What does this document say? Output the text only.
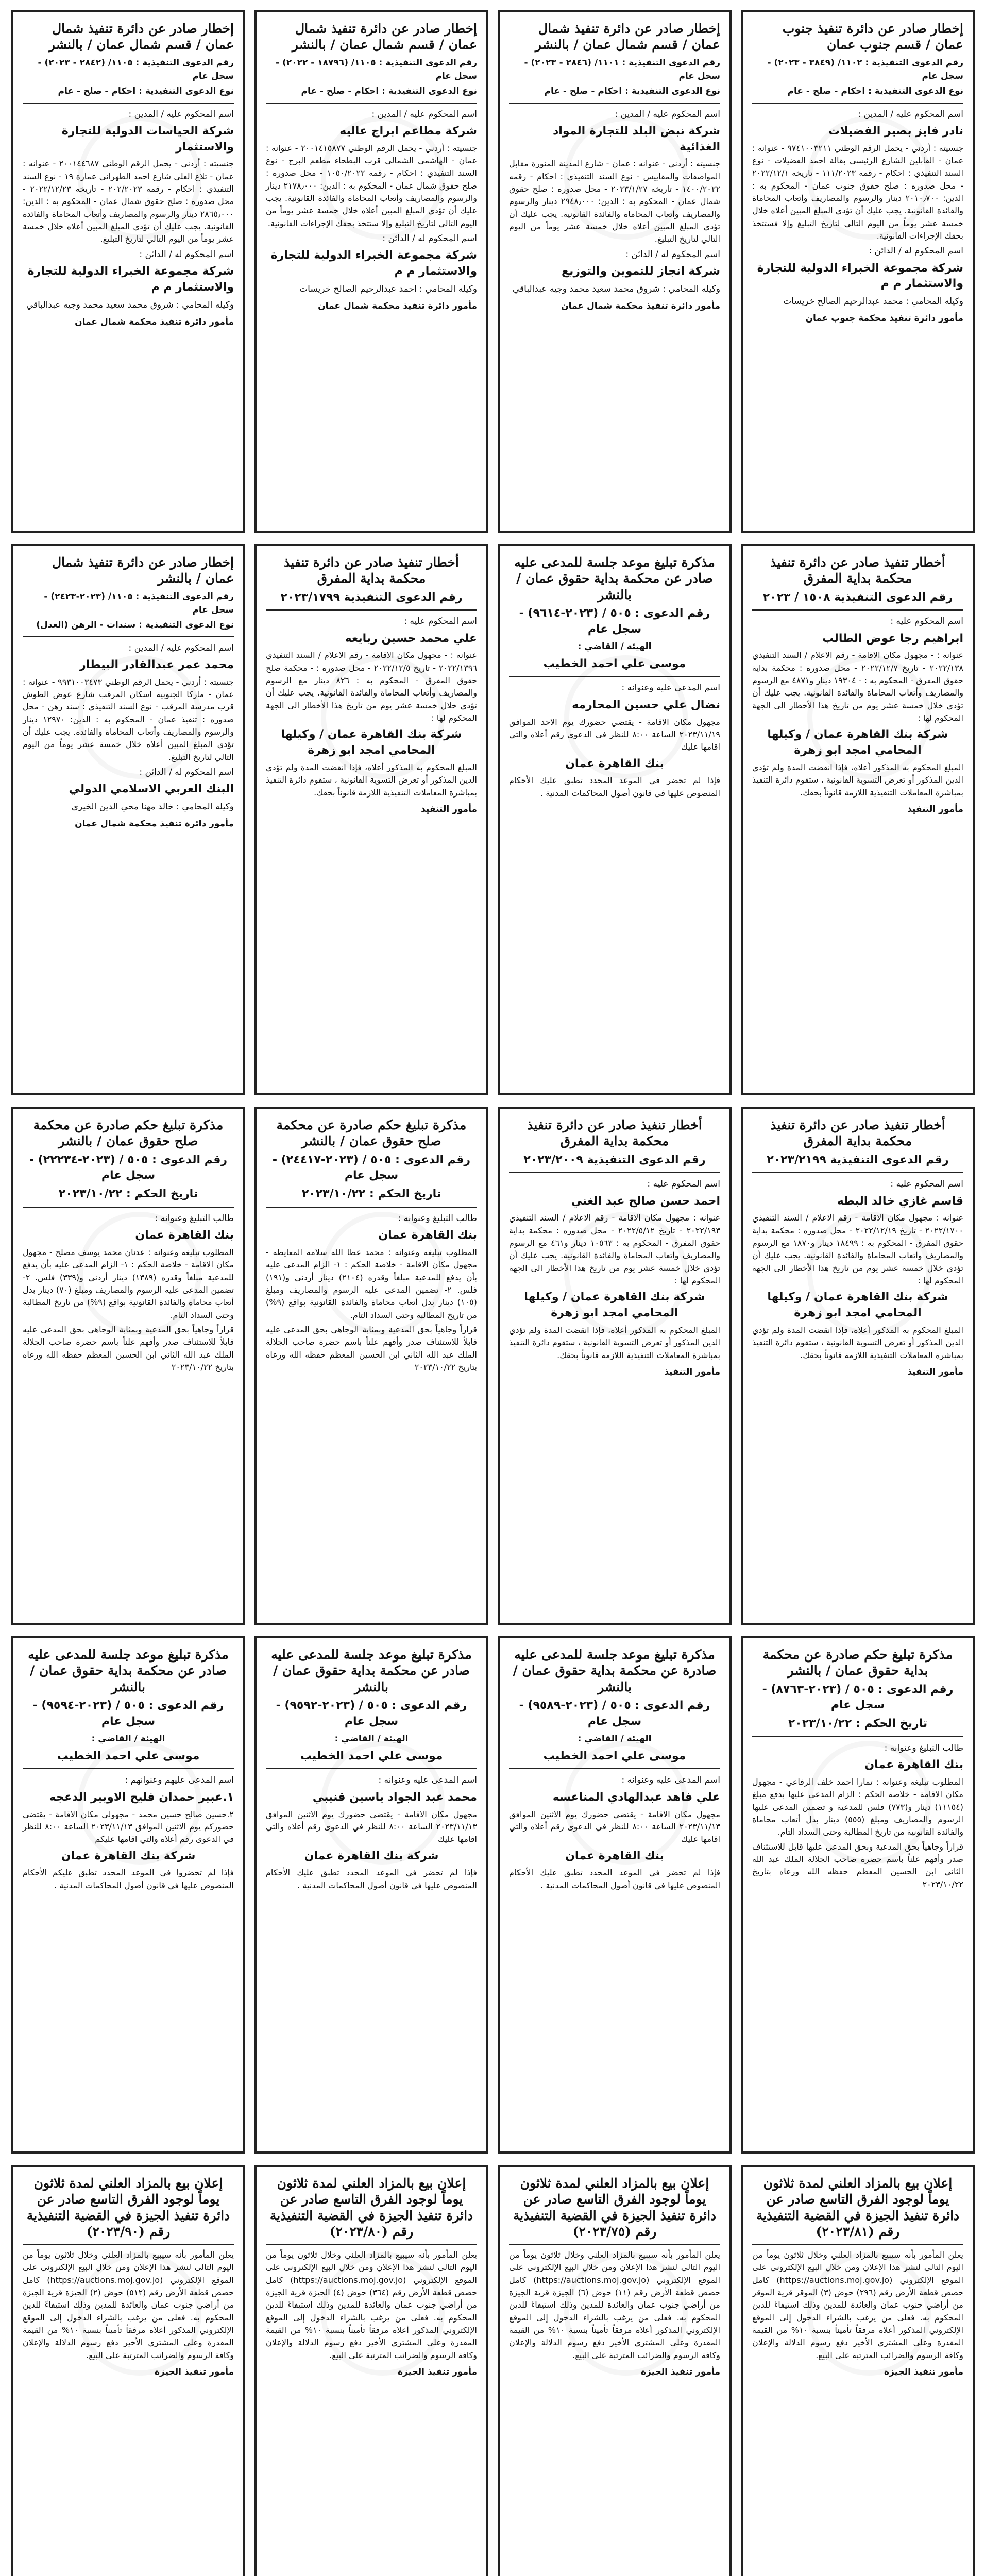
إخطار صادر عن دائرة تنفيذ جنوب عمان / قسم جنوب عمان
رقم الدعوى التنفيذية : ١١٠٢/ (٣٨٤٩ - ٢٠٢٣) - سجل عام
نوع الدعوى التنفيذية : احكام - صلح - عام
اسم المحكوم عليه / المدين :
نادر فايز بصير الفضيلات
جنسيته : أردني - يحمل الرقم الوطني ٩٧٤١٠٠٣٢١١ - عنوانه : عمان - القابلين الشارع الرئيسي بقالة احمد الفضيلات - نوع السند التنفيذي : احكام - رقمه ١١١/٢٠٢٣ - تاريخه ٢٠٢٢/١٢/١ - محل صدوره : صلح حقوق جنوب عمان - المحكوم به : الدين: ٢٠١٠٫٧٠٠ دينار والرسوم والمصاريف وأتعاب المحاماة والفائدة القانونية. يجب عليك أن تؤدي المبلغ المبين أعلاه خلال خمسة عشر يوماً من اليوم التالي لتاريخ التبليغ وإلا فستتخذ بحقك الإجراءات القانونية.
اسم المحكوم له / الدائن :
شركة مجموعة الخبراء الدولية للتجارة والاستثمار م م
وكيله المحامي : محمد عبدالرحيم الصالح خريسات
مأمور دائرة تنفيذ محكمة جنوب عمان
إخطار صادر عن دائرة تنفيذ شمال عمان / قسم شمال عمان / بالنشر
رقم الدعوى التنفيذية : ١١٠١/ (٢٨٤٦ - ٢٠٢٣) - سجل عام
نوع الدعوى التنفيذية : احكام - صلح - عام
اسم المحكوم عليه / المدين :
شركة نبض البلد للتجارة المواد الغذائية
جنسيته : أردني - عنوانه : عمان - شارع المدينة المنورة مقابل المواصفات والمقاييس - نوع السند التنفيذي : احكام - رقمه ١٤٠٠/٢٠٢٢ - تاريخه ٢٠٢٣/١/٢٧ - محل صدوره : صلح حقوق شمال عمان - المحكوم به : الدين: ٢٩٤٨٫٠٠٠ دينار والرسوم والمصاريف وأتعاب المحاماة والفائدة القانونية. يجب عليك أن تؤدي المبلغ المبين أعلاه خلال خمسة عشر يوماً من اليوم التالي لتاريخ التبليغ.
اسم المحكوم له / الدائن :
شركة انجاز للتموين والتوزيع
وكيله المحامي : شروق محمد سعيد محمد وجيه عبدالباقي
مأمور دائرة تنفيذ محكمة شمال عمان
إخطار صادر عن دائرة تنفيذ شمال عمان / قسم شمال عمان / بالنشر
رقم الدعوى التنفيذية : ١١٠٥/ (١٨٧٩٦ - ٢٠٢٢) - سجل عام
نوع الدعوى التنفيذية : احكام - صلح - عام
اسم المحكوم عليه / المدين :
شركة مطاعم ابراج عاليه
جنسيته : أردني - يحمل الرقم الوطني ٢٠٠١٤١٥٨٧٧ - عنوانه : عمان - الهاشمي الشمالي قرب البطحاء مطعم البرج - نوع السند التنفيذي : احكام - رقمه ١٠٥٠/٢٠٢٢ - محل صدوره : صلح حقوق شمال عمان - المحكوم به : الدين: ٢١٧٨٫٠٠٠ دينار والرسوم والمصاريف وأتعاب المحاماة والفائدة القانونية. يجب عليك أن تؤدي المبلغ المبين أعلاه خلال خمسة عشر يوماً من اليوم التالي لتاريخ التبليغ وإلا ستتخذ بحقك الإجراءات القانونية.
اسم المحكوم له / الدائن :
شركة مجموعة الخبراء الدولية للتجارة والاستثمار م م
وكيله المحامي : احمد عبدالرحيم الصالح خريسات
مأمور دائرة تنفيذ محكمة شمال عمان
إخطار صادر عن دائرة تنفيذ شمال عمان / قسم شمال عمان / بالنشر
رقم الدعوى التنفيذية : ١١٠٥/ (٢٨٤٢ - ٢٠٢٣) - سجل عام
نوع الدعوى التنفيذية : احكام - صلح - عام
اسم المحكوم عليه / المدين :
شركة الحياسات الدولية للتجارة والاستثمار
جنسيته : أردني - يحمل الرقم الوطني ٢٠٠١٤٤٦٨٧ - عنوانه : عمان - تلاع العلي شارع احمد الطهراني عمارة ١٩ - نوع السند التنفيذي : احكام - رقمه ٢٠٢/٢٠٢٣ - تاريخه ٢٠٢٢/١٢/٢٣ - محل صدوره : صلح حقوق شمال عمان - المحكوم به : الدين: ٢٨٦٥٫٠٠٠ دينار والرسوم والمصاريف وأتعاب المحاماة والفائدة القانونية. يجب عليك أن تؤدي المبلغ المبين أعلاه خلال خمسة عشر يوماً من اليوم التالي لتاريخ التبليغ.
اسم المحكوم له / الدائن :
شركة مجموعة الخبراء الدولية للتجارة والاستثمار م م
وكيله المحامي : شروق محمد سعيد محمد وجيه عبدالباقي
مأمور دائرة تنفيذ محكمة شمال عمان
أخطار تنفيذ صادر عن دائرة تنفيذ محكمة بداية المفرق
رقم الدعوى التنفيذية ١٥٠٨ / ٢٠٢٣
اسم المحكوم عليه :
ابراهيم رجا عوض الطالب
عنوانه : - مجهول مكان الاقامة - رقم الاعلام / السند التنفيذي ٢٠٢٢/١٣٨ - تاريخ ٢٠٢٢/١٢/٧ - محل صدوره : محكمة بداية حقوق المفرق - المحكوم به : - ١٩٣٠٤ دينار و٤٨٧١ مع الرسوم والمصاريف وأتعاب المحاماة والفائدة القانونية. يجب عليك أن تؤدي خلال خمسة عشر يوم من تاريخ هذا الأخطار الى الجهة المحكوم لها :
شركة بنك القاهرة عمان / وكيلها المحامي امجد ابو زهرة
المبلغ المحكوم به المذكور أعلاه، فإذا انقضت المدة ولم تؤدي الدين المذكور أو تعرض التسوية القانونية ، ستقوم دائرة التنفيذ بمباشرة المعاملات التنفيذية اللازمة قانوناً بحقك.
مأمور التنفيذ
مذكرة تبليغ موعد جلسة للمدعى عليه صادر عن محكمة بداية حقوق عمان / بالنشر
رقم الدعوى : ٥٠٥ / (٢٠٢٣-٩٦١٤) - سجل عام
الهيئة / القاضي :
موسى علي احمد الخطيب
اسم المدعى عليه وعنوانه :
نضال علي حسين المحارمه
مجهول مكان الاقامة - يقتضي حضورك يوم الاحد الموافق ٢٠٢٣/١١/١٩ الساعة ٨:٠٠ للنظر في الدعوى رقم أعلاه والتي اقامها عليك
بنك القاهرة عمان
فإذا لم تحضر في الموعد المحدد تطبق عليك الأحكام المنصوص عليها في قانون أصول المحاكمات المدنية .
أخطار تنفيذ صادر عن دائرة تنفيذ محكمة بداية المفرق
رقم الدعوى التنفيذية ٢٠٢٣/١٧٩٩
اسم المحكوم عليه :
علي محمد حسين ربايعه
عنوانه : - مجهول مكان الاقامة - رقم الاعلام / السند التنفيذي ٢٠٢٢/١٣٩٦ - تاريخ ٢٠٢٢/١٢/٥ - محل صدوره : - محكمة صلح حقوق المفرق - المحكوم به : ٨٢٦ دينار مع الرسوم والمصاريف وأتعاب المحاماة والفائدة القانونية. يجب عليك أن تؤدي خلال خمسة عشر يوم من تاريخ هذا الأخطار الى الجهة المحكوم لها :
شركة بنك القاهرة عمان / وكيلها المحامي امجد ابو زهرة
المبلغ المحكوم به المذكور أعلاه، فإذا انقضت المدة ولم تؤدي الدين المذكور أو تعرض التسوية القانونية ، ستقوم دائرة التنفيذ بمباشرة المعاملات التنفيذية اللازمة قانوناً بحقك.
مأمور التنفيذ
إخطار صادر عن دائرة تنفيذ شمال عمان / بالنشر
رقم الدعوى التنفيذية : ١١٠٥/ (٢٠٢٣-٢٤٢٣) - سجل عام
نوع الدعوى التنفيذية : سندات - الرهن (العدل)
اسم المحكوم عليه / المدين :
محمد عمر عبدالقادر البيطار
جنسيته : أردني - يحمل الرقم الوطني ٩٩٣١٠٠٣٤٧٣ - عنوانه : عمان - ماركا الجنوبية اسكان المرقب شارع عوض الطوش قرب مدرسة المرقب - نوع السند التنفيذي : سند رهن - محل صدوره : تنفيذ عمان - المحكوم به : الدين: ١٢٩٧٠ دينار والرسوم والمصاريف وأتعاب المحاماة والفائدة. يجب عليك أن تؤدي المبلغ المبين أعلاه خلال خمسة عشر يوماً من اليوم التالي لتاريخ التبليغ.
اسم المحكوم له / الدائن :
البنك العربي الاسلامي الدولي
وكيله المحامي : خالد مهنا محي الدين الخيري
مأمور دائرة تنفيذ محكمة شمال عمان
أخطار تنفيذ صادر عن دائرة تنفيذ محكمة بداية المفرق
رقم الدعوى التنفيذية ٢٠٢٣/٢١٩٩
اسم المحكوم عليه :
قاسم غازي خالد البطه
عنوانه : مجهول مكان الاقامة - رقم الاعلام / السند التنفيذي ٢٠٢٢/١٧٠٠ - تاريخ ٢٠٢٢/١٢/١٩ - محل صدوره : محكمة بداية حقوق المفرق - المحكوم به : ١٨٤٩٩ دينار و١٨٧٠ مع الرسوم والمصاريف وأتعاب المحاماة والفائدة القانونية. يجب عليك أن تؤدي خلال خمسة عشر يوم من تاريخ هذا الأخطار الى الجهة المحكوم لها :
شركة بنك القاهرة عمان / وكيلها المحامي امجد ابو زهرة
المبلغ المحكوم به المذكور أعلاه، فإذا انقضت المدة ولم تؤدي الدين المذكور أو تعرض التسوية القانونية ، ستقوم دائرة التنفيذ بمباشرة المعاملات التنفيذية اللازمة قانوناً بحقك.
مأمور التنفيذ
أخطار تنفيذ صادر عن دائرة تنفيذ محكمة بداية المفرق
رقم الدعوى التنفيذية ٢٠٢٣/٢٠٠٩
اسم المحكوم عليه :
احمد حسن صالح عبد الغني
عنوانه : مجهول مكان الاقامة - رقم الاعلام / السند التنفيذي ٢٠٢٢/١٩٣ - تاريخ ٢٠٢٢/٥/١٢ - محل صدوره : محكمة بداية حقوق المفرق - المحكوم به : ١٠٥٦٣ دينار و٤٦١ مع الرسوم والمصاريف وأتعاب المحاماة والفائدة القانونية. يجب عليك أن تؤدي خلال خمسة عشر يوم من تاريخ هذا الأخطار الى الجهة المحكوم لها :
شركة بنك القاهرة عمان / وكيلها المحامي امجد ابو زهرة
المبلغ المحكوم به المذكور أعلاه، فإذا انقضت المدة ولم تؤدي الدين المذكور أو تعرض التسوية القانونية ، ستقوم دائرة التنفيذ بمباشرة المعاملات التنفيذية اللازمة قانوناً بحقك.
مأمور التنفيذ
مذكرة تبليغ حكم صادرة عن محكمة صلح حقوق عمان / بالنشر
رقم الدعوى : ٥٠٥ / (٢٠٢٣-٢٤٤١٧) - سجل عام
تاريخ الحكم : ٢٠٢٣/١٠/٢٢
طالب التبليغ وعنوانه :
بنك القاهرة عمان
المطلوب تبليغه وعنوانه : محمد عطا الله سلامه المعايطه - مجهول مكان الاقامة - خلاصة الحكم : ١- الزام المدعى عليه بأن يدفع للمدعية مبلغاً وقدره (٢١٠٤) دينار أردني و(١٩١) فلس. ٢- تضمين المدعى عليه الرسوم والمصاريف ومبلغ (١٠٥) دينار بدل أتعاب محاماة والفائدة القانونية بواقع (٩%) من تاريخ المطالبة وحتى السداد التام.
قراراً وجاهياً بحق المدعية وبمثابة الوجاهي بحق المدعى عليه قابلاً للاستئناف صدر وأفهم علناً باسم حضرة صاحب الجلالة الملك عبد الله الثاني ابن الحسين المعظم حفظه الله ورعاه بتاريخ ٢٠٢٣/١٠/٢٢
مذكرة تبليغ حكم صادرة عن محكمة صلح حقوق عمان / بالنشر
رقم الدعوى : ٥٠٥ / (٢٠٢٣-٢٢٢٣٤) - سجل عام
تاريخ الحكم : ٢٠٢٣/١٠/٢٢
طالب التبليغ وعنوانه :
بنك القاهرة عمان
المطلوب تبليغه وعنوانه : عدنان محمد يوسف مصلح - مجهول مكان الاقامة - خلاصة الحكم : ١- الزام المدعى عليه بأن يدفع للمدعية مبلغاً وقدره (١٣٨٩) دينار أردني و(٣٣٩) فلس. ٢- تضمين المدعى عليه الرسوم والمصاريف ومبلغ (٧٠) دينار بدل أتعاب محاماة والفائدة القانونية بواقع (٩%) من تاريخ المطالبة وحتى السداد التام.
قراراً وجاهياً بحق المدعية وبمثابة الوجاهي بحق المدعى عليه قابلاً للاستئناف صدر وأفهم علناً باسم حضرة صاحب الجلالة الملك عبد الله الثاني ابن الحسين المعظم حفظه الله ورعاه بتاريخ ٢٠٢٣/١٠/٢٢
مذكرة تبليغ حكم صادرة عن محكمة بداية حقوق عمان / بالنشر
رقم الدعوى : ٥٠٥ / (٢٠٢٣-٨٧٦٣) - سجل عام
تاريخ الحكم : ٢٠٢٣/١٠/٢٢
طالب التبليغ وعنوانه :
بنك القاهرة عمان
المطلوب تبليغه وعنوانه : تمارا احمد خلف الرفاعي - مجهول مكان الاقامة - خلاصة الحكم : الزام المدعى عليها بدفع مبلغ (١١١٥٤) دينار و(٧٧٣) فلس للمدعية و تضمين المدعى عليها الرسوم والمصاريف ومبلغ (٥٥٥) دينار بدل أتعاب محاماة والفائدة القانونية من تاريخ المطالبة وحتى السداد التام.
قراراً وجاهياً بحق المدعية وبحق المدعى عليها قابل للاستئناف صدر وأفهم علناً باسم حضرة صاحب الجلالة الملك عبد الله الثاني ابن الحسين المعظم حفظه الله ورعاه بتاريخ ٢٠٢٣/١٠/٢٢
مذكرة تبليغ موعد جلسة للمدعى عليه صادرة عن محكمة بداية حقوق عمان / بالنشر
رقم الدعوى : ٥٠٥ / (٢٠٢٣-٩٥٨٩) - سجل عام
الهيئة / القاضي :
موسى علي احمد الخطيب
اسم المدعى عليه وعنوانه :
علي فاهد عبدالهادي المناعسه
مجهول مكان الاقامة - يقتضي حضورك يوم الاثنين الموافق ٢٠٢٣/١١/١٣ الساعة ٨:٠٠ للنظر في الدعوى رقم أعلاه والتي اقامها عليك
بنك القاهرة عمان
فإذا لم تحضر في الموعد المحدد تطبق عليك الأحكام المنصوص عليها في قانون أصول المحاكمات المدنية .
مذكرة تبليغ موعد جلسة للمدعى عليه صادر عن محكمة بداية حقوق عمان / بالنشر
رقم الدعوى : ٥٠٥ / (٢٠٢٣-٩٥٩٢) - سجل عام
الهيئة / القاضي :
موسى علي احمد الخطيب
اسم المدعى عليه وعنوانه :
محمد عبد الجواد ياسين قنيبي
مجهول مكان الاقامة - يقتضي حضورك يوم الاثنين الموافق ٢٠٢٣/١١/١٣ الساعة ٨:٠٠ للنظر في الدعوى رقم أعلاه والتي اقامها عليك
شركة بنك القاهرة عمان
فإذا لم تحضر في الموعد المحدد تطبق عليك الأحكام المنصوص عليها في قانون أصول المحاكمات المدنية .
مذكرة تبليغ موعد جلسة للمدعى عليه صادر عن محكمة بداية حقوق عمان / بالنشر
رقم الدعوى : ٥٠٥ / (٢٠٢٣-٩٥٩٤) - سجل عام
الهيئة / القاضي :
موسى علي احمد الخطيب
اسم المدعى عليهم وعنوانهم :
١.عبير حمدان فليح الاوبير الدعجه
٢.حسين صالح حسين محمد - مجهولي مكان الاقامة - يقتضي حضوركم يوم الاثنين الموافق ٢٠٢٣/١١/١٣ الساعة ٨:٠٠ للنظر في الدعوى رقم أعلاه والتي اقامها عليكم
شركة بنك القاهرة عمان
فإذا لم تحضروا في الموعد المحدد تطبق عليكم الأحكام المنصوص عليها في قانون أصول المحاكمات المدنية .
إعلان بيع بالمزاد العلني لمدة ثلاثون يوماً لوجود الفرق التاسع صادر عن دائرة تنفيذ الجيزة في القضية التنفيذية رقم (٢٠٢٣/٨١)
يعلن المأمور بأنه سيبيع بالمزاد العلني وخلال ثلاثون يوماً من اليوم التالي لنشر هذا الإعلان ومن خلال البيع الإلكتروني على الموقع الإلكتروني (https://auctions.moj.gov.jo) كامل حصص قطعة الأرض رقم (٢٩٦) حوض (٣) الموقر قرية الموقر من أراضي جنوب عمان والعائدة للمدين وذلك استيفاءً للدين المحكوم به. فعلى من يرغب بالشراء الدخول إلى الموقع الإلكتروني المذكور أعلاه مرفقاً تأميناً بنسبة ١٠% من القيمة المقدرة وعلى المشتري الأخير دفع رسوم الدلالة والإعلان وكافة الرسوم والضرائب المترتبة على البيع.
مأمور تنفيذ الجيزة
إعلان بيع بالمزاد العلني لمدة ثلاثون يوماً لوجود الفرق التاسع صادر عن دائرة تنفيذ الجيزة في القضية التنفيذية رقم (٢٠٢٣/٧٥)
يعلن المأمور بأنه سيبيع بالمزاد العلني وخلال ثلاثون يوماً من اليوم التالي لنشر هذا الإعلان ومن خلال البيع الإلكتروني على الموقع الإلكتروني (https://auctions.moj.gov.jo) كامل حصص قطعة الأرض رقم (١١) حوض (٦) الجيزة قرية الجيزة من أراضي جنوب عمان والعائدة للمدين وذلك استيفاءً للدين المحكوم به. فعلى من يرغب بالشراء الدخول إلى الموقع الإلكتروني المذكور أعلاه مرفقاً تأميناً بنسبة ١٠% من القيمة المقدرة وعلى المشتري الأخير دفع رسوم الدلالة والإعلان وكافة الرسوم والضرائب المترتبة على البيع.
مأمور تنفيذ الجيزة
إعلان بيع بالمزاد العلني لمدة ثلاثون يوماً لوجود الفرق التاسع صادر عن دائرة تنفيذ الجيزة في القضية التنفيذية رقم (٢٠٢٣/٨٠)
يعلن المأمور بأنه سيبيع بالمزاد العلني وخلال ثلاثون يوماً من اليوم التالي لنشر هذا الإعلان ومن خلال البيع الإلكتروني على الموقع الإلكتروني (https://auctions.moj.gov.jo) كامل حصص قطعة الأرض رقم (٣٦٤) حوض (٤) الجيزة قرية الجيزة من أراضي جنوب عمان والعائدة للمدين وذلك استيفاءً للدين المحكوم به. فعلى من يرغب بالشراء الدخول إلى الموقع الإلكتروني المذكور أعلاه مرفقاً تأميناً بنسبة ١٠% من القيمة المقدرة وعلى المشتري الأخير دفع رسوم الدلالة والإعلان وكافة الرسوم والضرائب المترتبة على البيع.
مأمور تنفيذ الجيزة
إعلان بيع بالمزاد العلني لمدة ثلاثون يوماً لوجود الفرق التاسع صادر عن دائرة تنفيذ الجيزة في القضية التنفيذية رقم (٢٠٢٣/٩٠)
يعلن المأمور بأنه سيبيع بالمزاد العلني وخلال ثلاثون يوماً من اليوم التالي لنشر هذا الإعلان ومن خلال البيع الإلكتروني على الموقع الإلكتروني (https://auctions.moj.gov.jo) كامل حصص قطعة الأرض رقم (٥١٢) حوض (٢) الجيزة قرية الجيزة من أراضي جنوب عمان والعائدة للمدين وذلك استيفاءً للدين المحكوم به. فعلى من يرغب بالشراء الدخول إلى الموقع الإلكتروني المذكور أعلاه مرفقاً تأميناً بنسبة ١٠% من القيمة المقدرة وعلى المشتري الأخير دفع رسوم الدلالة والإعلان وكافة الرسوم والضرائب المترتبة على البيع.
مأمور تنفيذ الجيزة
